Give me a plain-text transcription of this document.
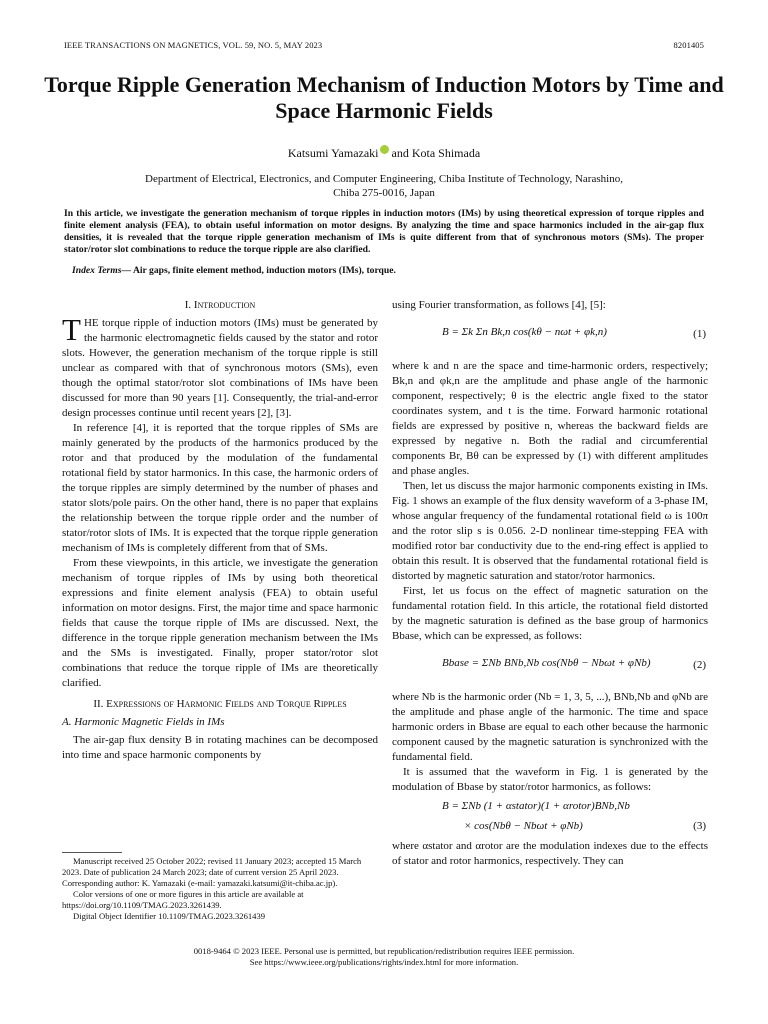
IEEE TRANSACTIONS ON MAGNETICS, VOL. 59, NO. 5, MAY 2023	8201405
Torque Ripple Generation Mechanism of Induction Motors by Time and Space Harmonic Fields
Katsumi Yamazaki and Kota Shimada
Department of Electrical, Electronics, and Computer Engineering, Chiba Institute of Technology, Narashino,
Chiba 275-0016, Japan
In this article, we investigate the generation mechanism of torque ripples in induction motors (IMs) by using theoretical expression of torque ripples and finite element analysis (FEA), to obtain useful information on motor designs. By analyzing the time and space harmonics included in the air-gap flux densities, it is revealed that the torque ripple generation mechanism of IMs is quite different from that of synchronous motors (SMs). The proper stator/rotor slot combinations to reduce the torque ripple are also clarified.
Index Terms— Air gaps, finite element method, induction motors (IMs), torque.

I. Introduction

THE torque ripple of induction motors (IMs) must be generated by the harmonic electromagnetic fields caused by the stator and rotor slots. However, the generation mechanism of the torque ripple is still unclear as compared with that of synchronous motors (SMs), even though the optimal stator/rotor slot combinations of IMs have been discussed for more than 90 years [1]. Consequently, the trial-and-error design processes continue until recent years [2], [3].

In reference [4], it is reported that the torque ripples of SMs are mainly generated by the products of the harmonics produced by the rotor and that produced by the modulation of the fundamental rotational field by stator harmonics. In this case, the harmonic orders of the torque ripples are simply determined by the number of phases and stator slots/pole pairs. On the other hand, there is no paper that explains the relationship between the torque ripple order and the number of stator/rotor slots of IMs. It is expected that the torque ripple generation mechanism of IMs is completely different from that of SMs.

From these viewpoints, in this article, we investigate the generation mechanism of torque ripples of IMs by using both theoretical expressions and finite element analysis (FEA) to obtain useful information on motor designs. First, the major time and space harmonic fields that cause the torque ripple of IMs are discussed. Next, the difference in the torque ripple generation mechanism between the IMs and the SMs is investigated. Finally, proper stator/rotor slot combinations that reduce the torque ripple of IMs are theoretically clarified.

II. Expressions of Harmonic Fields and Torque Ripples

A. Harmonic Magnetic Fields in IMs

The air-gap flux density B in rotating machines can be decomposed into time and space harmonic components by

using Fourier transformation, as follows [4], [5]:

B = Σk Σn Bk,n cos(kθ − nωt + φk,n)	(1)

where k and n are the space and time-harmonic orders, respectively; Bk,n and φk,n are the amplitude and phase angle of the harmonic component, respectively; θ is the electric angle fixed to the stator coordinates system, and t is the time. Forward harmonic rotational fields are expressed by positive n, whereas the backward fields are expressed by negative n. Both the radial and circumferential components Br, Bθ can be expressed by (1) with different amplitudes and phase angles.

Then, let us discuss the major harmonic components existing in IMs. Fig. 1 shows an example of the flux density waveform of a 3-phase IM, whose angular frequency of the fundamental rotational field ω is 100π and the rotor slip s is 0.056. 2-D nonlinear time-stepping FEA with modified rotor bar conductivity due to the end-ring effect is applied to obtain this result. It is observed that the fundamental rotational field is distorted by magnetic saturation and stator/rotor harmonics.

First, let us focus on the effect of magnetic saturation on the fundamental rotation field. In this article, the rotational field distorted by the magnetic saturation is defined as the base group of harmonics Bbase, which can be expressed, as follows:

Bbase = ΣNb BNb,Nb cos(Nbθ − Nbωt + φNb)	(2)

where Nb is the harmonic order (Nb = 1, 3, 5, ...), BNb,Nb and φNb are the amplitude and phase angle of the harmonic. The time and space harmonic orders in Bbase are equal to each other because the harmonic component caused by the magnetic saturation is synchronized with the fundamental field.

It is assumed that the waveform in Fig. 1 is generated by the modulation of Bbase by stator/rotor harmonics, as follows:

B = ΣNb (1 + αstator)(1 + αrotor)BNb,Nb
× cos(Nbθ − Nbωt + φNb)	(3)

where αstator and αrotor are the modulation indexes due to the effects of stator and rotor harmonics, respectively. They can

Manuscript received 25 October 2022; revised 11 January 2023; accepted 15 March 2023. Date of publication 24 March 2023; date of current version 25 April 2023. Corresponding author: K. Yamazaki (e-mail: yamazaki.katsumi@it-chiba.ac.jp).

Color versions of one or more figures in this article are available at https://doi.org/10.1109/TMAG.2023.3261439.

Digital Object Identifier 10.1109/TMAG.2023.3261439

0018-9464 © 2023 IEEE. Personal use is permitted, but republication/redistribution requires IEEE permission.
See https://www.ieee.org/publications/rights/index.html for more information.
